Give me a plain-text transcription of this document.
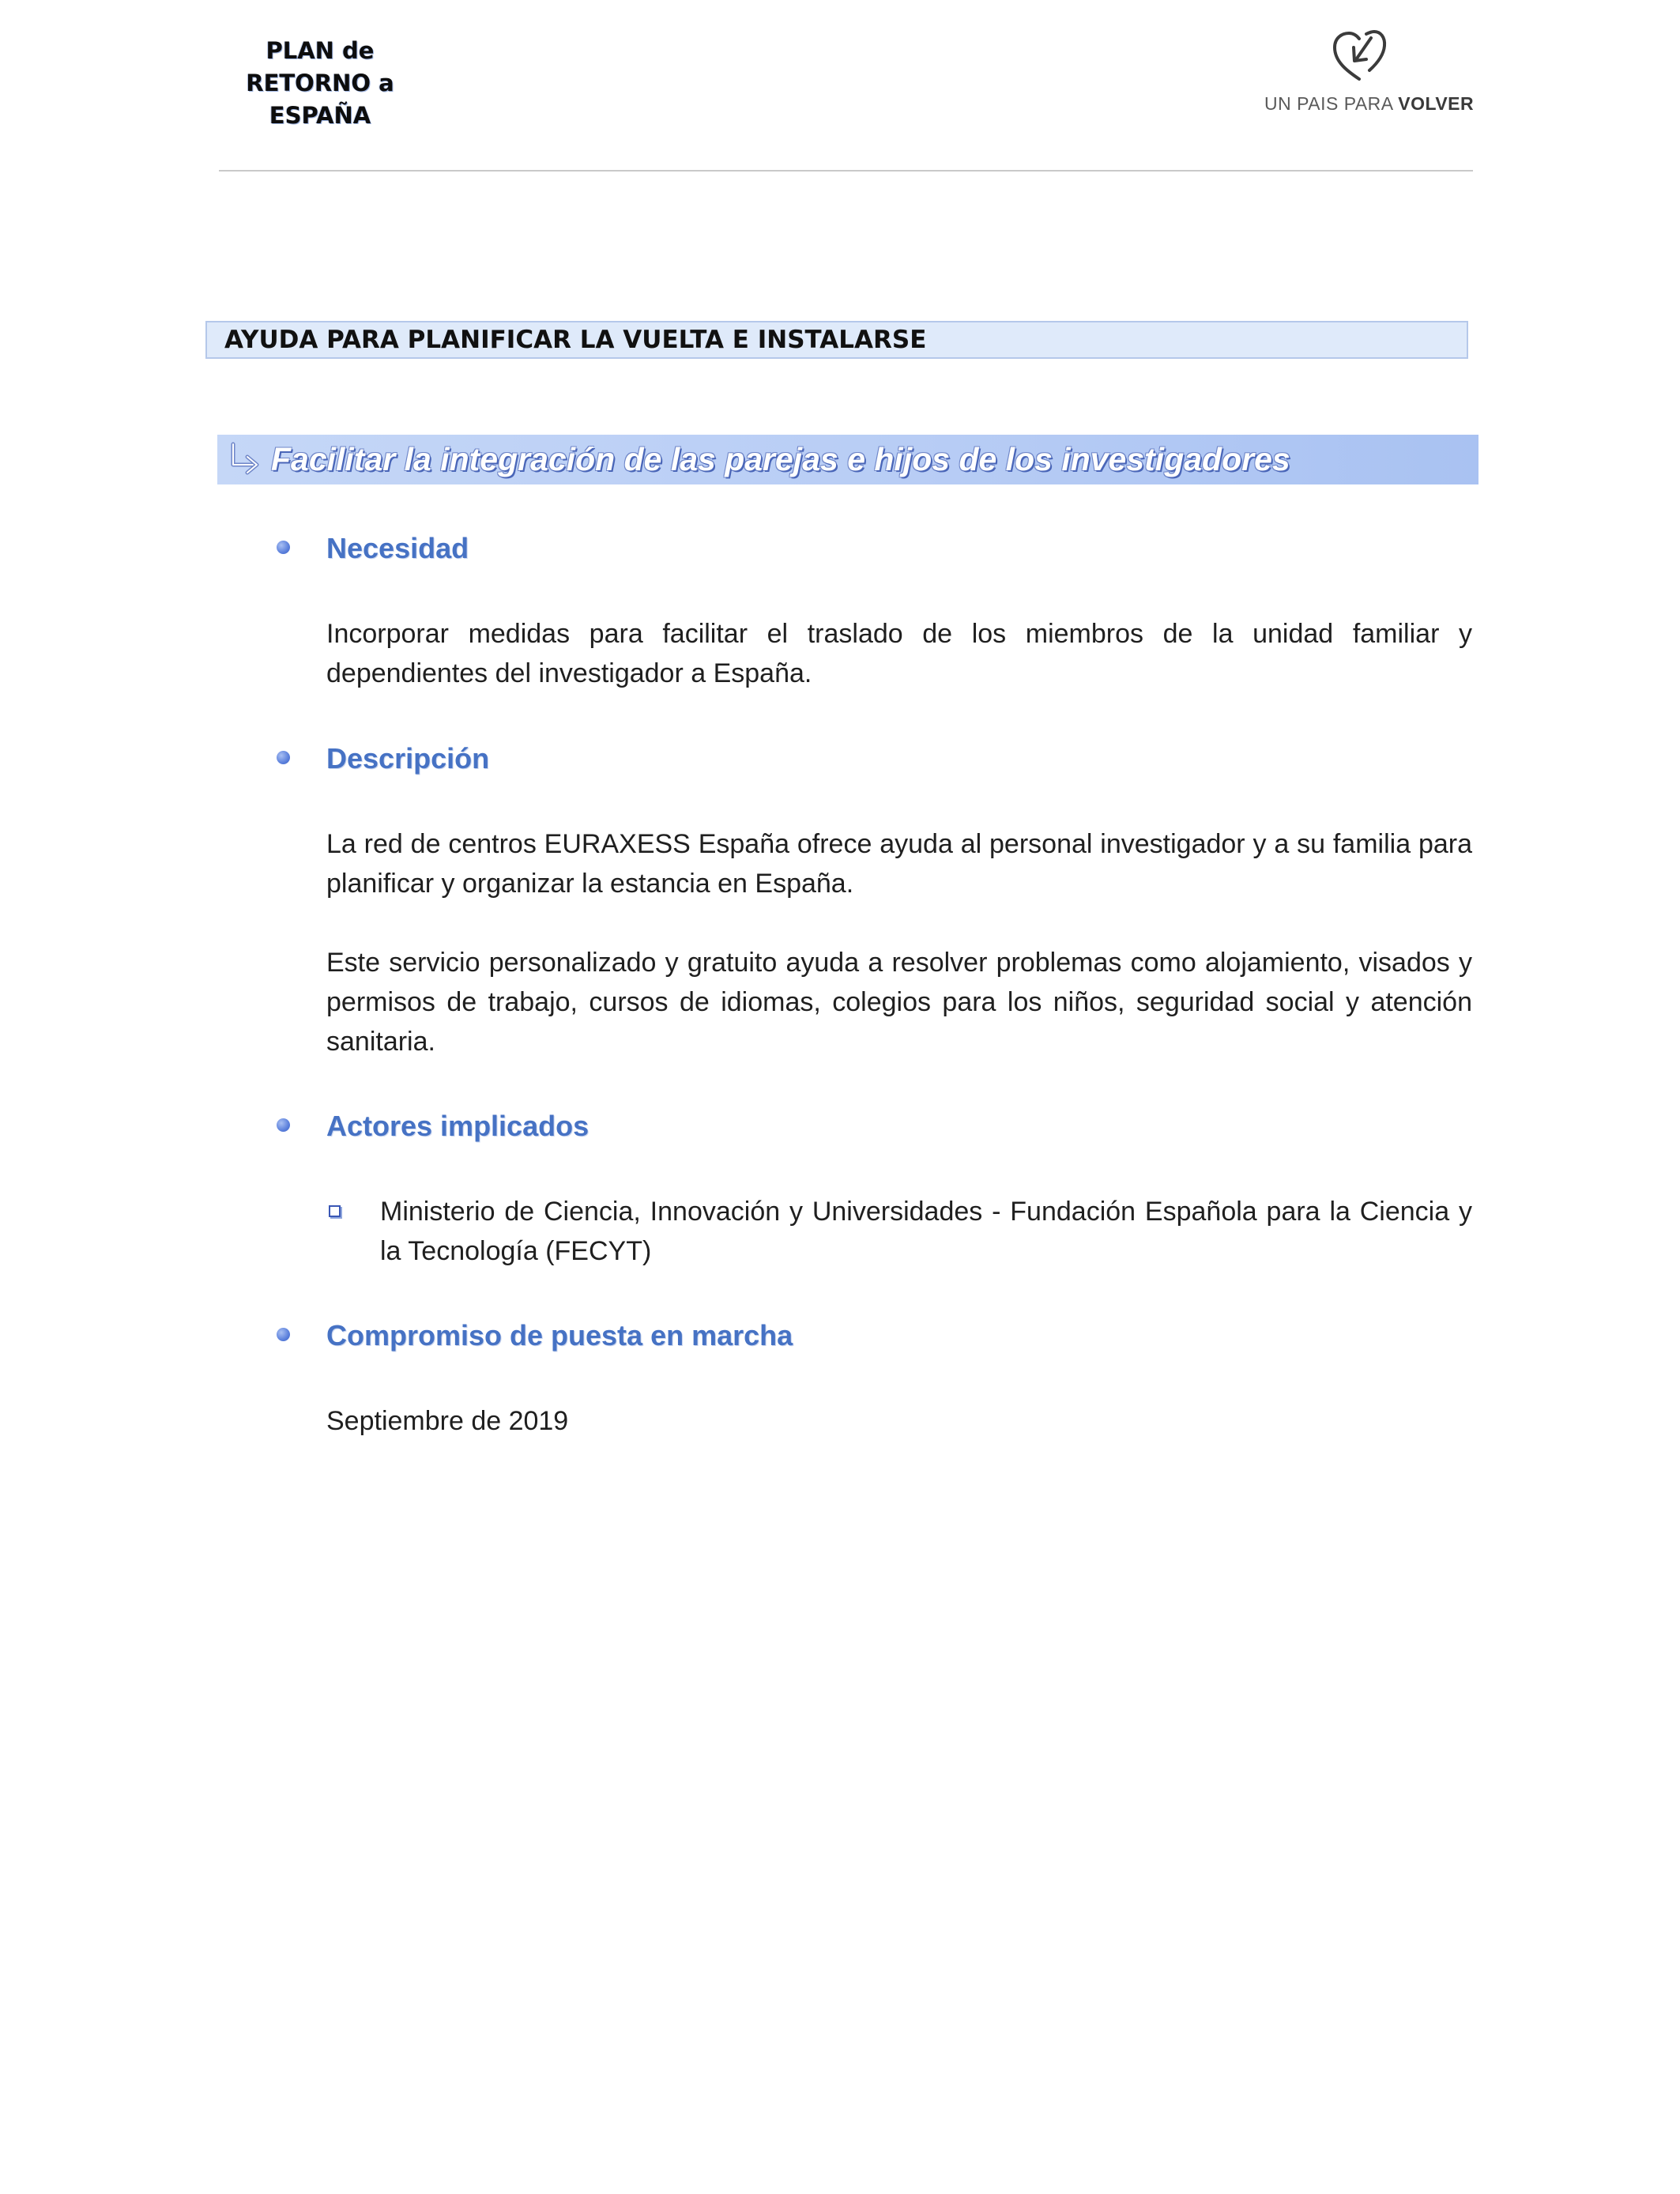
PLAN de
RETORNO a
ESPAÑA	UN PAIS PARA VOLVER
AYUDA PARA PLANIFICAR LA VUELTA E INSTALARSE
Facilitar la integración de las parejas e hijos de los investigadores
Necesidad
Incorporar medidas para facilitar el traslado de los miembros de la unidad familiar y dependientes del investigador a España.
Descripción
La red de centros EURAXESS España ofrece ayuda al personal investigador y a su familia para planificar y organizar la estancia en España.
Este servicio personalizado y gratuito ayuda a resolver problemas como alojamiento, visados y permisos de trabajo, cursos de idiomas, colegios para los niños, seguridad social y atención sanitaria.
Actores implicados
Ministerio de Ciencia, Innovación y Universidades - Fundación Española para la Ciencia y la Tecnología (FECYT)
Compromiso de puesta en marcha
Septiembre de 2019
